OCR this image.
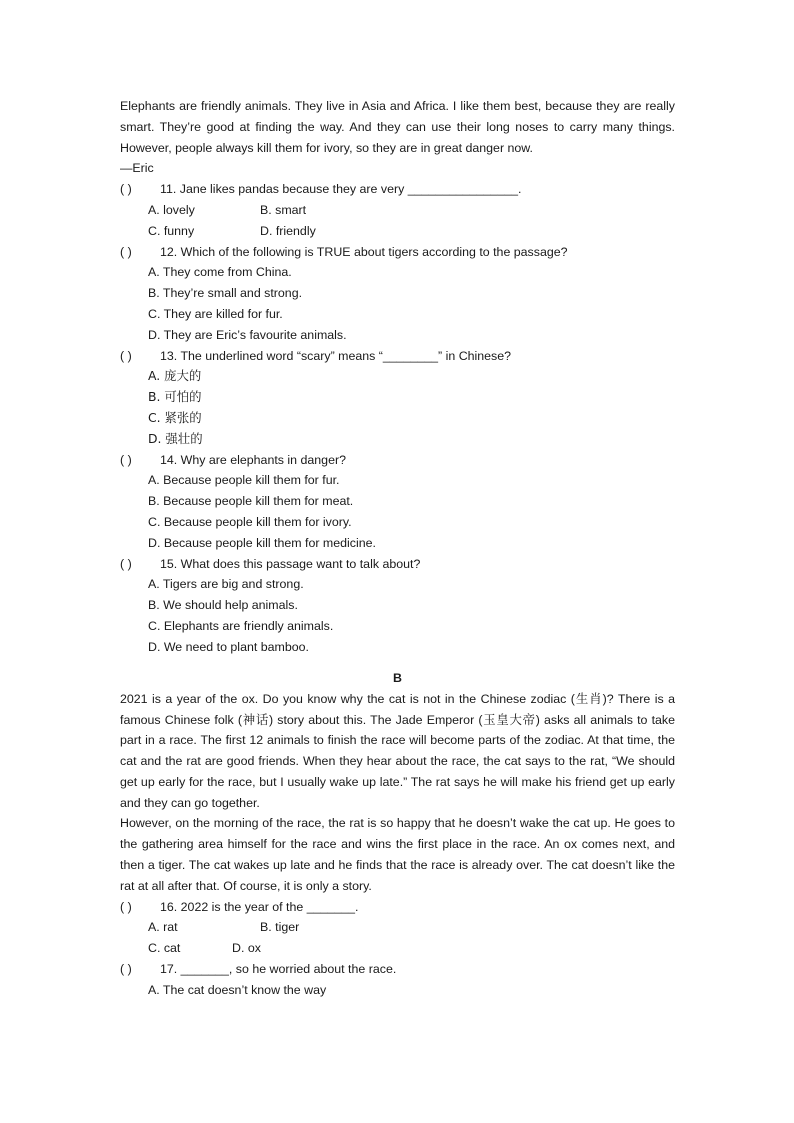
Elephants are friendly animals. They live in Asia and Africa. I like them best, because they are really smart. They’re good at finding the way. And they can use their long noses to carry many things. However, people always kill them for ivory, so they are in great danger now.

—Eric

( ) 11. Jane likes pandas because they are very ________________.

A. lovely	B. smart

C. funny	D. friendly

( ) 12. Which of the following is TRUE about tigers according to the passage?

A. They come from China.

B. They’re small and strong.

C. They are killed for fur.

D. They are Eric’s favourite animals.

( ) 13. The underlined word “scary” means “________” in Chinese?

A. 庞大的

B. 可怕的

C. 紧张的

D. 强壮的

( ) 14. Why are elephants in danger?

A. Because people kill them for fur.

B. Because people kill them for meat.

C. Because people kill them for ivory.

D. Because people kill them for medicine.

( ) 15. What does this passage want to talk about?

A. Tigers are big and strong.

B. We should help animals.

C. Elephants are friendly animals.

D. We need to plant bamboo.

B

2021 is a year of the ox. Do you know why the cat is not in the Chinese zodiac (生肖)? There is a famous Chinese folk (神话) story about this. The Jade Emperor (玉皇大帝) asks all animals to take part in a race. The first 12 animals to finish the race will become parts of the zodiac. At that time, the cat and the rat are good friends. When they hear about the race, the cat says to the rat, “We should get up early for the race, but I usually wake up late.” The rat says he will make his friend get up early and they can go together.

However, on the morning of the race, the rat is so happy that he doesn’t wake the cat up. He goes to the gathering area himself for the race and wins the first place in the race. An ox comes next, and then a tiger. The cat wakes up late and he finds that the race is already over. The cat doesn’t like the rat at all after that. Of course, it is only a story.

( ) 16. 2022 is the year of the _______.

A. rat	B. tiger

C. cat	D. ox

( ) 17. _______, so he worried about the race.

A. The cat doesn’t know the way
